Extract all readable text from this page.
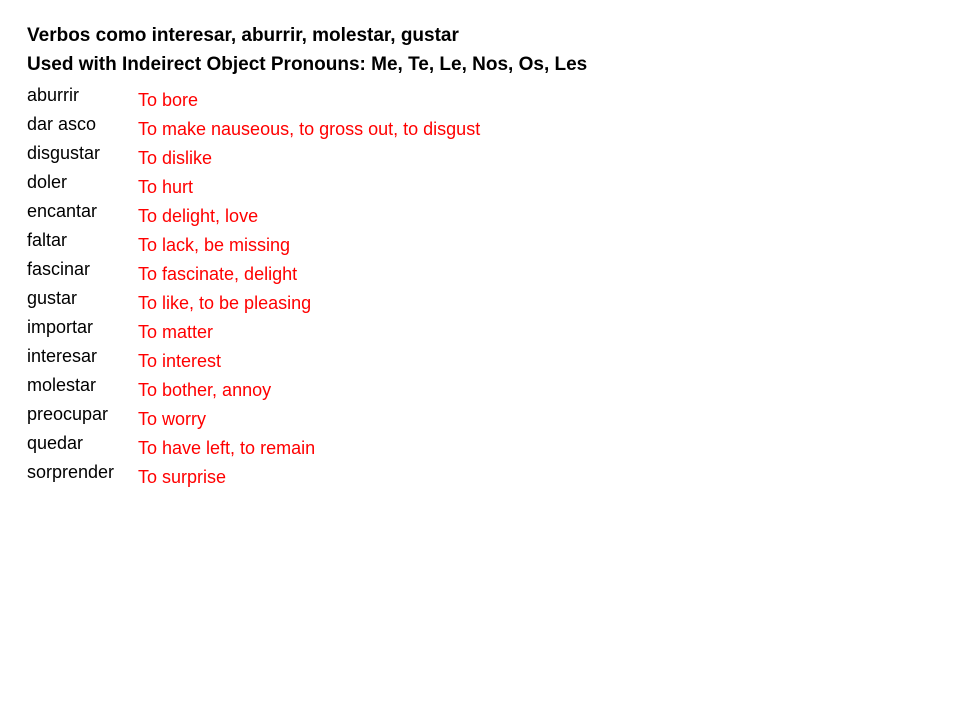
Verbos como interesar, aburrir, molestar, gustar
Used with Indeirect Object Pronouns: Me, Te, Le, Nos, Os, Les
aburrir
dar asco
disgustar
doler
encantar
faltar
fascinar
gustar
importar
interesar
molestar
preocupar
quedar
sorprender
To bore
To make nauseous, to gross out, to disgust
To dislike
To hurt
To delight, love
To lack, be missing
To fascinate, delight
To like, to be pleasing
To matter
To interest
To bother, annoy
To worry
To have left, to remain
To surprise
